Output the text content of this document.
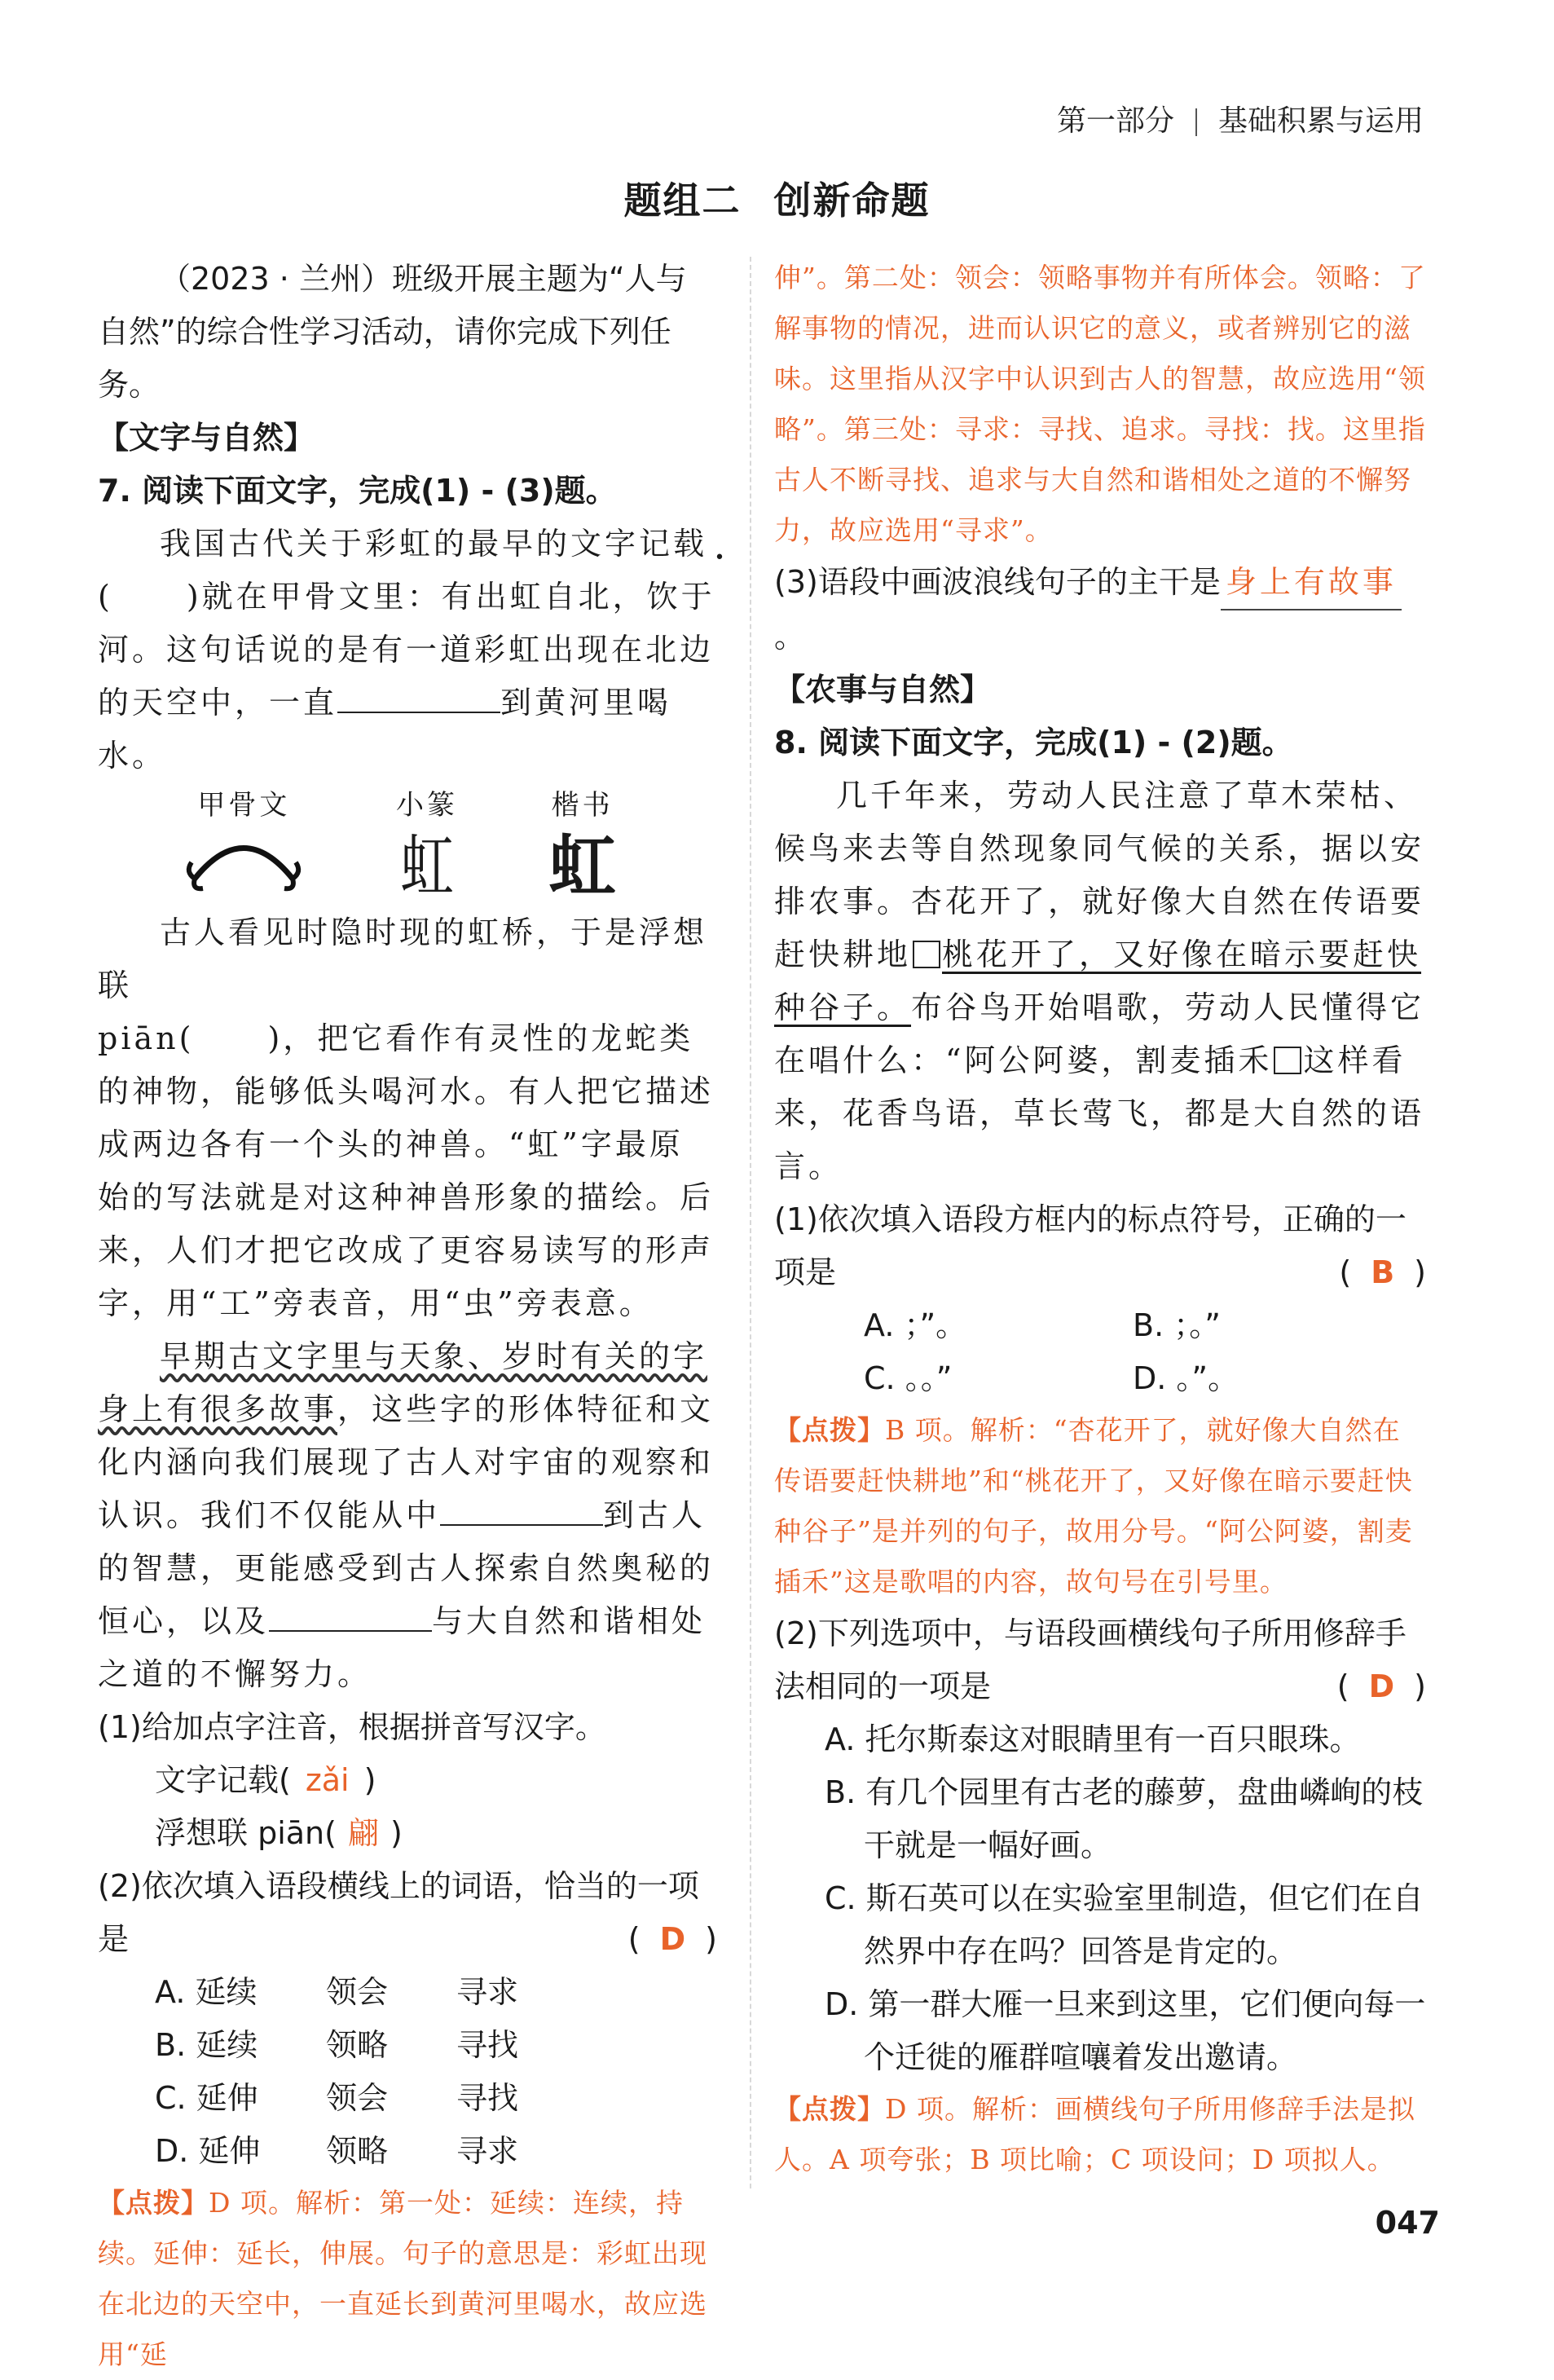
第一部分 基础积累与运用
题组二 创新命题

（2023 · 兰州）班级开展主题为“人与自然”的综合性学习活动，请你完成下列任务。

【文字与自然】

7. 阅读下面文字，完成(1) - (3)题。

我国古代关于彩虹的最早的文字记载
( )就在甲骨文里：有出虹自北，饮于河。这句话说的是有一道彩虹出现在北边的天空中，一直	到黄河里喝水。

甲骨文	小篆
虹
楷书
虹

古人看见时隐时现的虹桥，于是浮想联
piān( )，把它看作有灵性的龙蛇类的神物，能够低头喝河水。有人把它描述成两边各有一个头的神兽。“虹”字最原始的写法就是对这种神兽形象的描绘。后来，人们才把它改成了更容易读写的形声字，用“工”旁表音，用“虫”旁表意。

早期古文字里与天象、岁时有关的字身上有很多故事，这些字的形体特征和文化内涵向我们展现了古人对宇宙的观察和认识。我们不仅能从中	到古人的智慧，更能感受到古人探索自然奥秘的恒心，以及	与大自然和谐相处之道的不懈努力。

(1)给加点字注音，根据拼音写汉字。

文字记载( zǎi )

浮想联 piān( 翩 )

(2)依次填入语段横线上的词语，恰当的一项是	( D )

A. 延续	领会	寻求
B. 延续	领略	寻找
C. 延伸	领会	寻找
D. 延伸	领略	寻求

【点拨】D 项。解析：第一处：延续：连续，持续。延伸：延长，伸展。句子的意思是：彩虹出现在北边的天空中，一直延长到黄河里喝水，故应选用“延

伸”。第二处：领会：领略事物并有所体会。领略：了解事物的情况，进而认识它的意义，或者辨别它的滋味。这里指从汉字中认识到古人的智慧，故应选用“领略”。第三处：寻求：寻找、追求。寻找：找。这里指古人不断寻找、追求与大自然和谐相处之道的不懈努力，故应选用“寻求”。

(3)语段中画波浪线句子的主干是 身上有故事。

【农事与自然】

8. 阅读下面文字，完成(1) - (2)题。

几千年来，劳动人民注意了草木荣枯、候鸟来去等自然现象同气候的关系，据以安排农事。杏花开了，就好像大自然在传语要赶快耕地 桃花开了，又好像在暗示要赶快种谷子。布谷鸟开始唱歌，劳动人民懂得它在唱什么：“阿公阿婆，割麦插禾 这样看来，花香鸟语，草长莺飞，都是大自然的语言。

(1)依次填入语段方框内的标点符号，正确的一项是	( B )

A. ；”。	B. ；。”
C. 。。”	D. 。”。

【点拨】B 项。解析：“杏花开了，就好像大自然在传语要赶快耕地”和“桃花开了，又好像在暗示要赶快种谷子”是并列的句子，故用分号。“阿公阿婆，割麦插禾”这是歌唱的内容，故句号在引号里。

(2)下列选项中，与语段画横线句子所用修辞手法相同的一项是	( D )

A. 托尔斯泰这对眼睛里有一百只眼珠。

B. 有几个园里有古老的藤萝，盘曲嶙峋的枝干就是一幅好画。

C. 斯石英可以在实验室里制造，但它们在自然界中存在吗？回答是肯定的。

D. 第一群大雁一旦来到这里，它们便向每一个迁徙的雁群喧嚷着发出邀请。

【点拨】D 项。解析：画横线句子所用修辞手法是拟人。A 项夸张；B 项比喻；C 项设问；D 项拟人。

047
